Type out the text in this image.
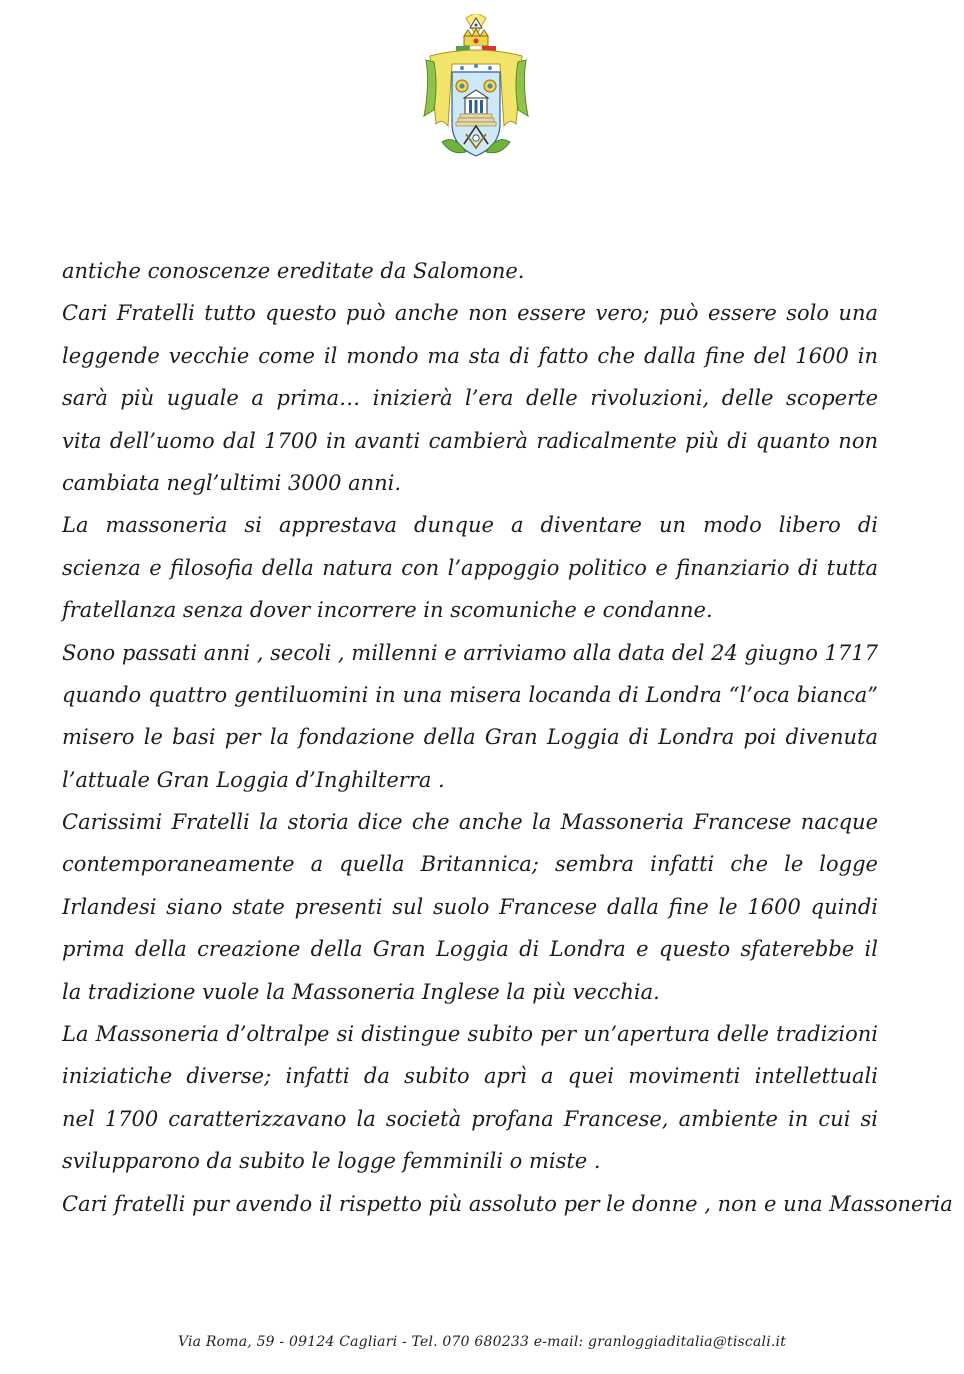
antiche conoscenze ereditate da Salomone.
Cari Fratelli tutto questo può anche non essere vero; può essere solo una
leggende vecchie come il mondo ma sta di fatto che dalla fine del 1600 in
sarà più uguale a prima… inizierà l’era delle rivoluzioni, delle scoperte
vita dell’uomo dal 1700 in avanti cambierà radicalmente più di quanto non
cambiata negl’ultimi 3000 anni.
La massoneria si apprestava dunque a diventare un modo libero di
scienza e filosofia della natura con l’appoggio politico e finanziario di tutta
fratellanza senza dover incorrere in scomuniche e condanne.
Sono passati anni , secoli , millenni e arriviamo alla data del 24 giugno 1717
quando quattro gentiluomini in una misera locanda di Londra “l’oca bianca”
misero le basi per la fondazione della Gran Loggia di Londra poi divenuta
l’attuale Gran Loggia d’Inghilterra .
Carissimi Fratelli la storia dice che anche la Massoneria Francese nacque
contemporaneamente a quella Britannica; sembra infatti che le logge
Irlandesi siano state presenti sul suolo Francese dalla fine le 1600 quindi
prima della creazione della Gran Loggia di Londra e questo sfaterebbe il
la tradizione vuole la Massoneria Inglese la più vecchia.
La Massoneria d’oltralpe si distingue subito per un’apertura delle tradizioni
iniziatiche diverse; infatti da subito aprì a quei movimenti intellettuali
nel 1700 caratterizzavano la società profana Francese, ambiente in cui si
svilupparono da subito le logge femminili o miste .
Cari fratelli pur avendo il rispetto più assoluto per le donne , non e una Massoneria
Via Roma, 59 - 09124 Cagliari - Tel. 070 680233 e-mail: granloggiaditalia@tiscali.it
